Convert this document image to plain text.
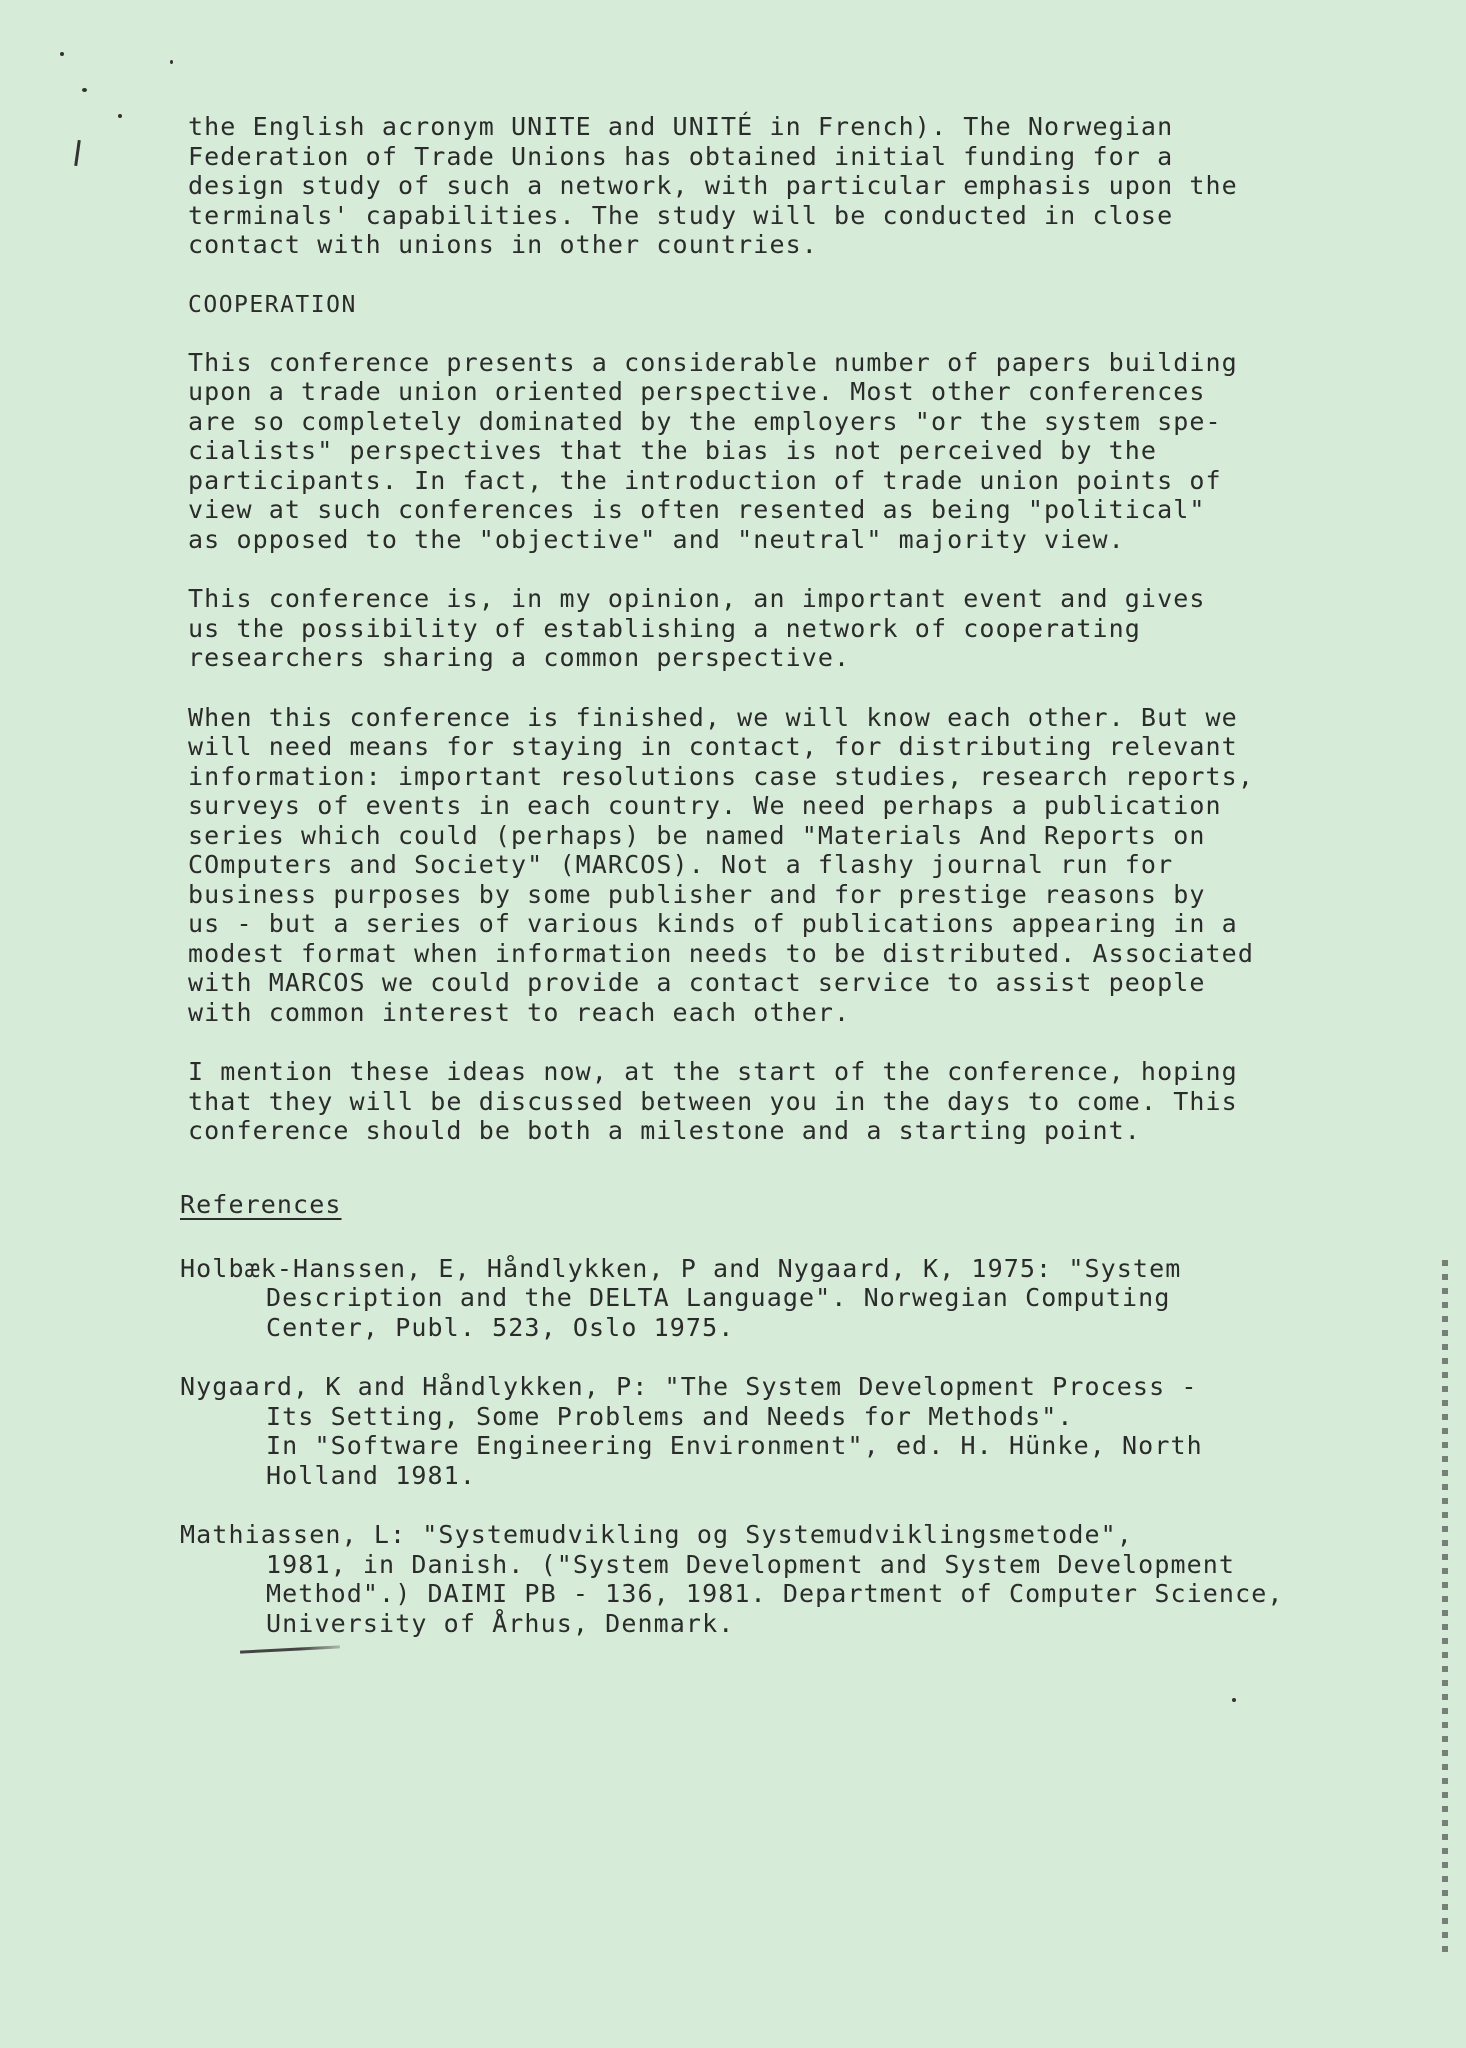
the English acronym UNITE and UNITÉ in French). The Norwegian
Federation of Trade Unions has obtained initial funding for a
design study of such a network, with particular emphasis upon the
terminals' capabilities. The study will be conducted in close
contact with unions in other countries.

COOPERATION

This conference presents a considerable number of papers building
upon a trade union oriented perspective. Most other conferences
are so completely dominated by the employers "or the system spe-
cialists" perspectives that the bias is not perceived by the
participants. In fact, the introduction of trade union points of
view at such conferences is often resented as being "political"
as opposed to the "objective" and "neutral" majority view.

This conference is, in my opinion, an important event and gives
us the possibility of establishing a network of cooperating
researchers sharing a common perspective.

When this conference is finished, we will know each other. But we
will need means for staying in contact, for distributing relevant
information: important resolutions case studies, research reports,
surveys of events in each country. We need perhaps a publication
series which could (perhaps) be named "Materials And Reports on
COmputers and Society" (MARCOS). Not a flashy journal run for
business purposes by some publisher and for prestige reasons by
us - but a series of various kinds of publications appearing in a
modest format when information needs to be distributed. Associated
with MARCOS we could provide a contact service to assist people
with common interest to reach each other.

I mention these ideas now, at the start of the conference, hoping
that they will be discussed between you in the days to come. This
conference should be both a milestone and a starting point.

References

Holbæk-Hanssen, E, Håndlykken, P and Nygaard, K, 1975: "System
Description and the DELTA Language". Norwegian Computing
Center, Publ. 523, Oslo 1975.

Nygaard, K and Håndlykken, P: "The System Development Process -
Its Setting, Some Problems and Needs for Methods".
In "Software Engineering Environment", ed. H. Hünke, North
Holland 1981.

Mathiassen, L: "Systemudvikling og Systemudviklingsmetode",
1981, in Danish. ("System Development and System Development
Method".) DAIMI PB - 136, 1981. Department of Computer Science,
University of Århus, Denmark.
